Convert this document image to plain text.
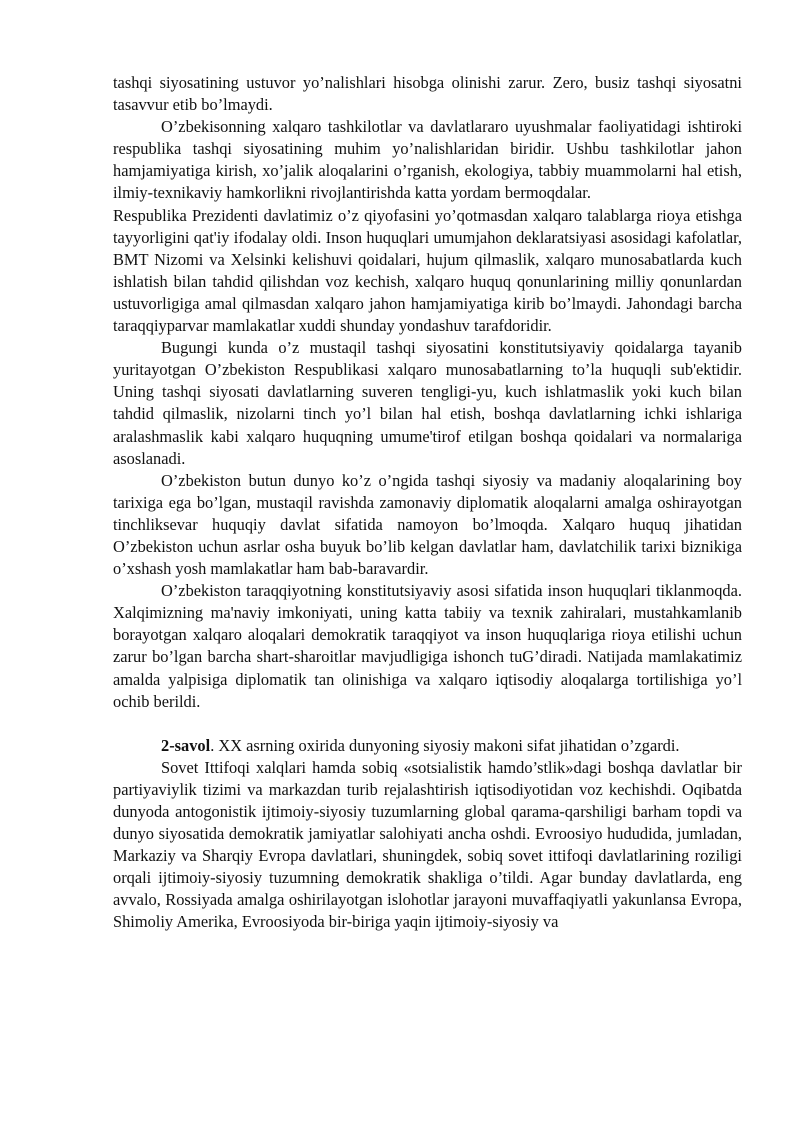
tashqi siyosatining ustuvor yo’nalishlari hisobga olinishi zarur. Zero, busiz tashqi siyosatni tasavvur etib bo’lmaydi.

O’zbekisonning xalqaro tashkilotlar va davlatlararo uyushmalar faoliyatidagi ishtiroki respublika tashqi siyosatining muhim yo’nalishlaridan biridir. Ushbu tashkilotlar jahon hamjamiyatiga kirish, xo’jalik aloqalarini o’rganish, ekologiya, tabbiy muammolarni hal etish, ilmiy-texnikaviy hamkorlikni rivojlantirishda katta yordam bermoqdalar.

Respublika Prezidenti davlatimiz o’z qiyofasini yo’qotmasdan xalqaro talablarga rioya etishga tayyorligini qat'iy ifodalay oldi. Inson huquqlari umumjahon deklaratsiyasi asosidagi kafolatlar, BMT Nizomi va Xelsinki kelishuvi qoidalari, hujum qilmaslik, xalqaro munosabatlarda kuch ishlatish bilan tahdid qilishdan voz kechish, xalqaro huquq qonunlarining milliy qonunlardan ustuvorligiga amal qilmasdan xalqaro jahon hamjamiyatiga kirib bo’lmaydi. Jahondagi barcha taraqqiyparvar mamlakatlar xuddi shunday yondashuv tarafdoridir.

Bugungi kunda o’z mustaqil tashqi siyosatini konstitutsiyaviy qoidalarga tayanib yuritayotgan O’zbekiston Respublikasi xalqaro munosabatlarning to’la huquqli sub'ektidir. Uning tashqi siyosati davlatlarning suveren tengligi-yu, kuch ishlatmaslik yoki kuch bilan tahdid qilmaslik, nizolarni tinch yo’l bilan hal etish, boshqa davlatlarning ichki ishlariga aralashmaslik kabi xalqaro huquqning umume'tirof etilgan boshqa qoidalari va normalariga asoslanadi.

O’zbekiston butun dunyo ko’z o’ngida tashqi siyosiy va madaniy aloqalarining boy tarixiga ega bo’lgan, mustaqil ravishda zamonaviy diplomatik aloqalarni amalga oshirayotgan tinchliksevar huquqiy davlat sifatida namoyon bo’lmoqda. Xalqaro huquq jihatidan O’zbekiston uchun asrlar osha buyuk bo’lib kelgan davlatlar ham, davlatchilik tarixi biznikiga o’xshash yosh mamlakatlar ham bab-baravardir.

O’zbekiston taraqqiyotning konstitutsiyaviy asosi sifatida inson huquqlari tiklanmoqda. Xalqimizning ma'naviy imkoniyati, uning katta tabiiy va texnik zahiralari, mustahkamlanib borayotgan xalqaro aloqalari demokratik taraqqiyot va inson huquqlariga rioya etilishi uchun zarur bo’lgan barcha shart-sharoitlar mavjudligiga ishonch tuG’diradi. Natijada mamlakatimiz amalda yalpisiga diplomatik tan olinishiga va xalqaro iqtisodiy aloqalarga tortilishiga yo’l ochib berildi.

2-savol. XX asrning oxirida dunyoning siyosiy makoni sifat jihatidan o’zgardi.

Sovet Ittifoqi xalqlari hamda sobiq «sotsialistik hamdo’stlik»dagi boshqa davlatlar bir partiyaviylik tizimi va markazdan turib rejalashtirish iqtisodiyotidan voz kechishdi. Oqibatda dunyoda antogonistik ijtimoiy-siyosiy tuzumlarning global qarama-qarshiligi barham topdi va dunyo siyosatida demokratik jamiyatlar salohiyati ancha oshdi. Evroosiyo hududida, jumladan, Markaziy va Sharqiy Evropa davlatlari, shuningdek, sobiq sovet ittifoqi davlatlarining roziligi orqali ijtimoiy-siyosiy tuzumning demokratik shakliga o’tildi. Agar bunday davlatlarda, eng avvalo, Rossiyada amalga oshirilayotgan islohotlar jarayoni muvaffaqiyatli yakunlansa Evropa, Shimoliy Amerika, Evroosiyoda bir-biriga yaqin ijtimoiy-siyosiy va
